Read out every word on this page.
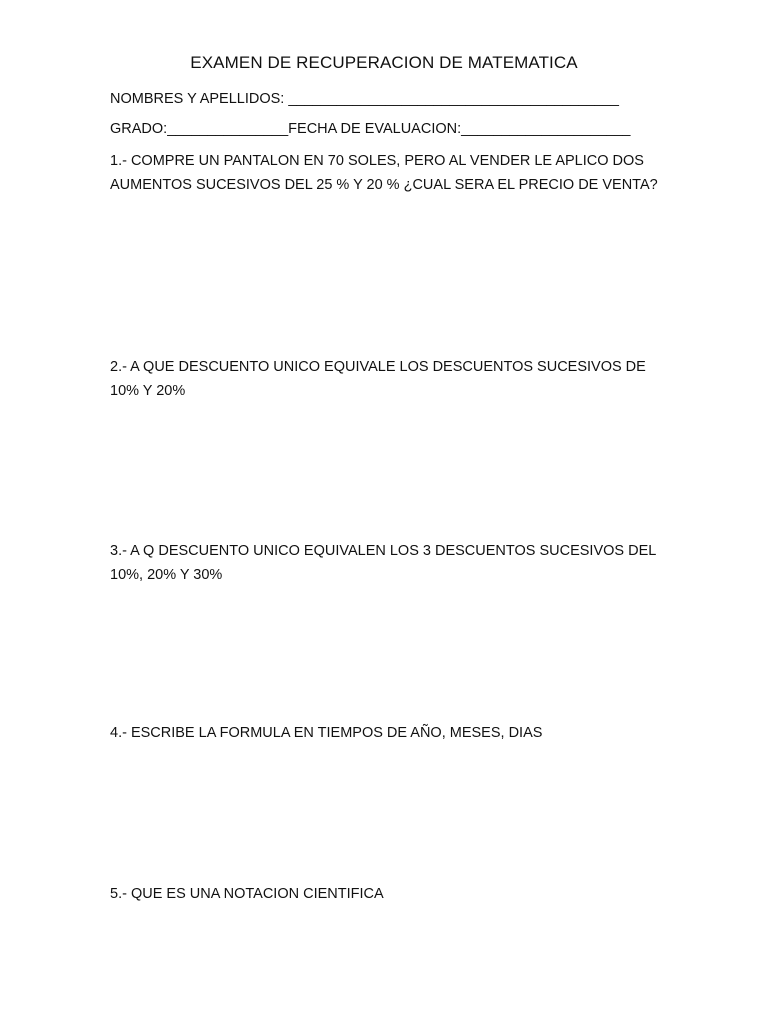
EXAMEN DE RECUPERACION DE MATEMATICA
NOMBRES Y APELLIDOS: _________________________________________
GRADO:_______________FECHA DE EVALUACION:_____________________
1.- COMPRE UN PANTALON EN 70 SOLES, PERO AL VENDER LE APLICO DOS AUMENTOS SUCESIVOS DEL 25 % Y 20 % ¿CUAL SERA EL PRECIO DE VENTA?
2.- A QUE DESCUENTO UNICO EQUIVALE LOS DESCUENTOS SUCESIVOS DE 10% Y 20%
3.- A Q DESCUENTO UNICO EQUIVALEN LOS 3 DESCUENTOS SUCESIVOS DEL 10%, 20% Y 30%
4.- ESCRIBE LA FORMULA EN TIEMPOS DE AÑO, MESES, DIAS
5.- QUE ES UNA NOTACION CIENTIFICA
